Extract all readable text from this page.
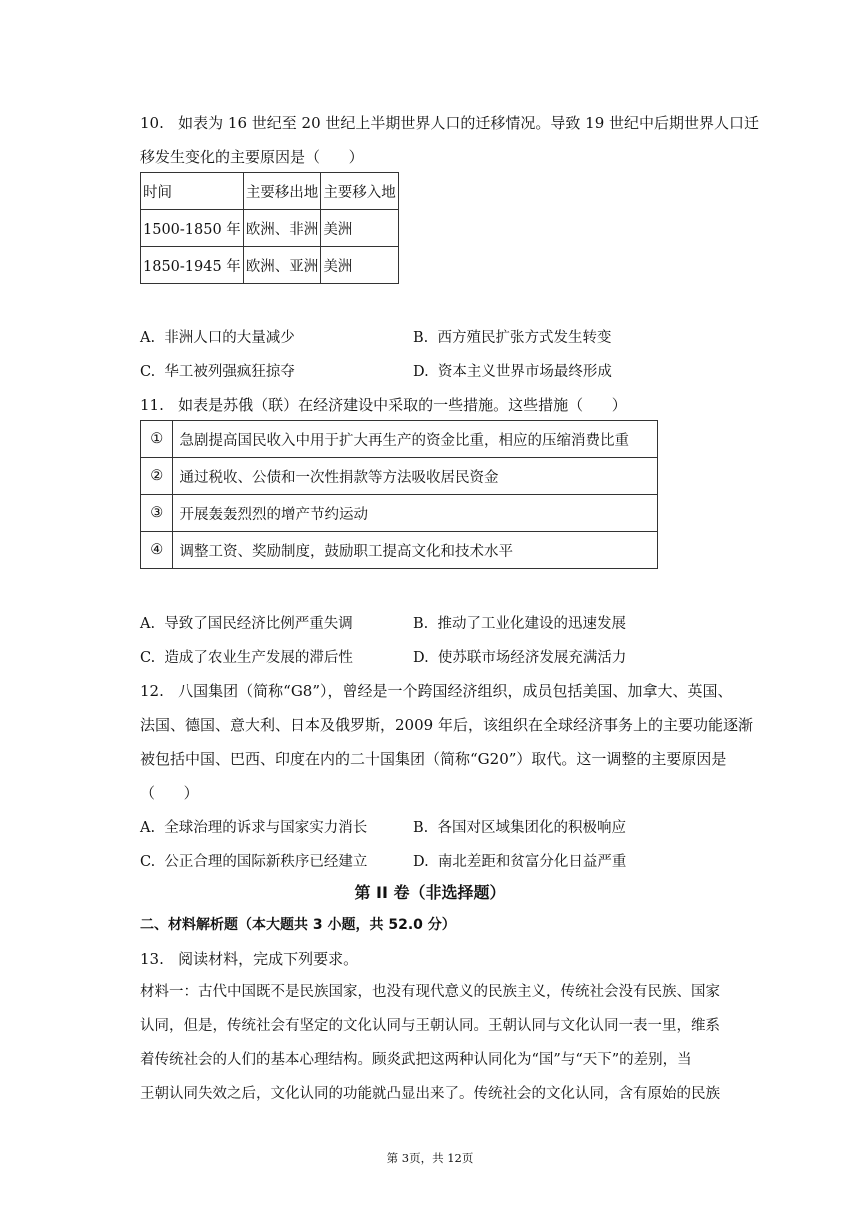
10.   如表为 16 世纪至 20 世纪上半期世界人口的迁移情况。导致 19 世纪中后期世界人口迁
移发生变化的主要原因是（      ）
时间	主要移出地	主要移入地
1500-1850 年	欧洲、非洲	美洲
1850-1945 年	欧洲、亚洲	美洲
A.  非洲人口的大量减少	B.  西方殖民扩张方式发生转变
C.  华工被列强疯狂掠夺	D.  资本主义世界市场最终形成
11.   如表是苏俄（联）在经济建设中采取的一些措施。这些措施（      ）
①	急剧提高国民收入中用于扩大再生产的资金比重，相应的压缩消费比重
②	通过税收、公债和一次性捐款等方法吸收居民资金
③	开展轰轰烈烈的增产节约运动
④	调整工资、奖励制度，鼓励职工提高文化和技术水平
A.  导致了国民经济比例严重失调	B.  推动了工业化建设的迅速发展
C.  造成了农业生产发展的滞后性	D.  使苏联市场经济发展充满活力
12.   八国集团（简称“G8”），曾经是一个跨国经济组织，成员包括美国、加拿大、英国、
法国、德国、意大利、日本及俄罗斯，2009 年后，该组织在全球经济事务上的主要功能逐渐
被包括中国、巴西、印度在内的二十国集团（简称“G20”）取代。这一调整的主要原因是
（      ）
A.  全球治理的诉求与国家实力消长	B.  各国对区域集团化的积极响应
C.  公正合理的国际新秩序已经建立	D.  南北差距和贫富分化日益严重
第 II 卷（非选择题）
二、材料解析题（本大题共 3 小题，共 52.0 分）
13.   阅读材料，完成下列要求。
材料一：古代中国既不是民族国家，也没有现代意义的民族主义，传统社会没有民族、国家
认同，但是，传统社会有坚定的文化认同与王朝认同。王朝认同与文化认同一表一里，维系
着传统社会的人们的基本心理结构。顾炎武把这两种认同化为“国”与“天下”的差别，当
王朝认同失效之后，文化认同的功能就凸显出来了。传统社会的文化认同，含有原始的民族
第 3页，共 12页
